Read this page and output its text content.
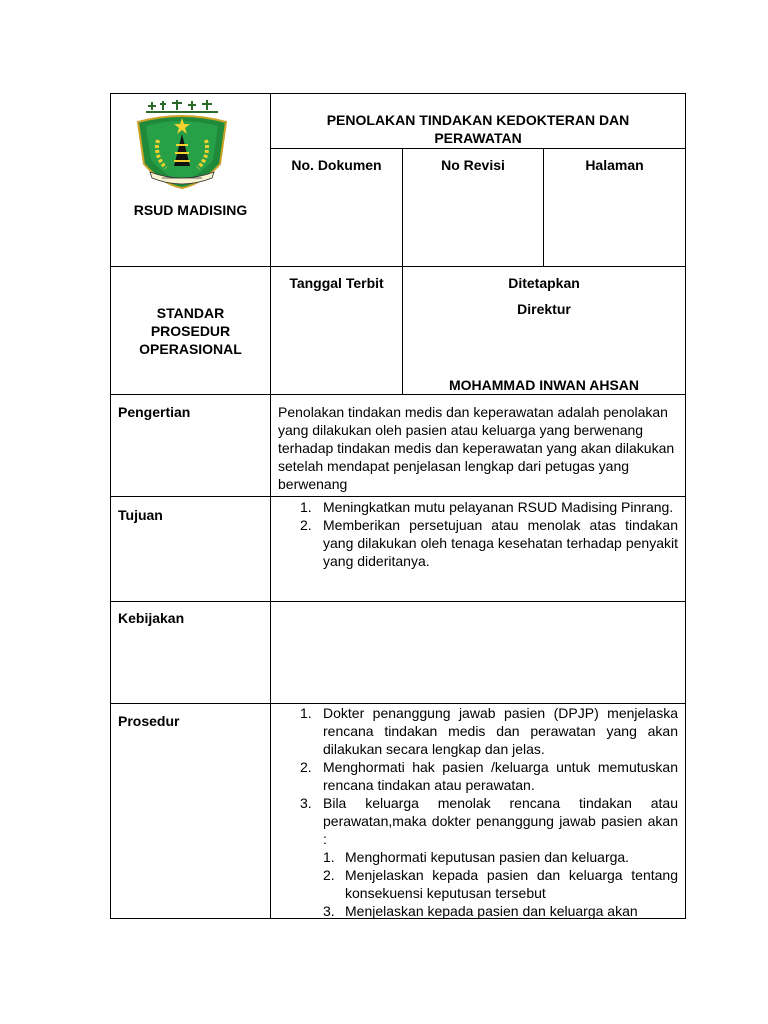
RSUD MADISING
STANDAR PROSEDUR OPERASIONAL
PENOLAKAN TINDAKAN KEDOKTERAN DAN PERAWATAN
No. Dokumen	No Revisi	Halaman
Tanggal Terbit	Ditetapkan
Direktur
MOHAMMAD INWAN AHSAN
Pengertian	Penolakan tindakan medis dan keperawatan adalah penolakan yang dilakukan oleh pasien atau keluarga yang berwenang terhadap tindakan medis dan keperawatan yang akan dilakukan setelah mendapat penjelasan lengkap dari petugas yang berwenang
Tujuan	1. Meningkatkan mutu pelayanan RSUD Madising Pinrang.
2. Memberikan persetujuan atau menolak atas tindakan yang dilakukan oleh tenaga kesehatan terhadap penyakit yang dideritanya.
Kebijakan
Prosedur	1. Dokter penanggung jawab pasien (DPJP) menjelaska rencana tindakan medis dan perawatan yang akan dilakukan secara lengkap dan jelas.
2. Menghormati hak pasien /keluarga untuk memutuskan rencana tindakan atau perawatan.
3. Bila keluarga menolak rencana tindakan atau perawatan,maka dokter penanggung jawab pasien akan :
1. Menghormati keputusan pasien dan keluarga.
2. Menjelaskan kepada pasien dan keluarga tentang konsekuensi keputusan tersebut
3. Menjelaskan kepada pasien dan keluarga akan
